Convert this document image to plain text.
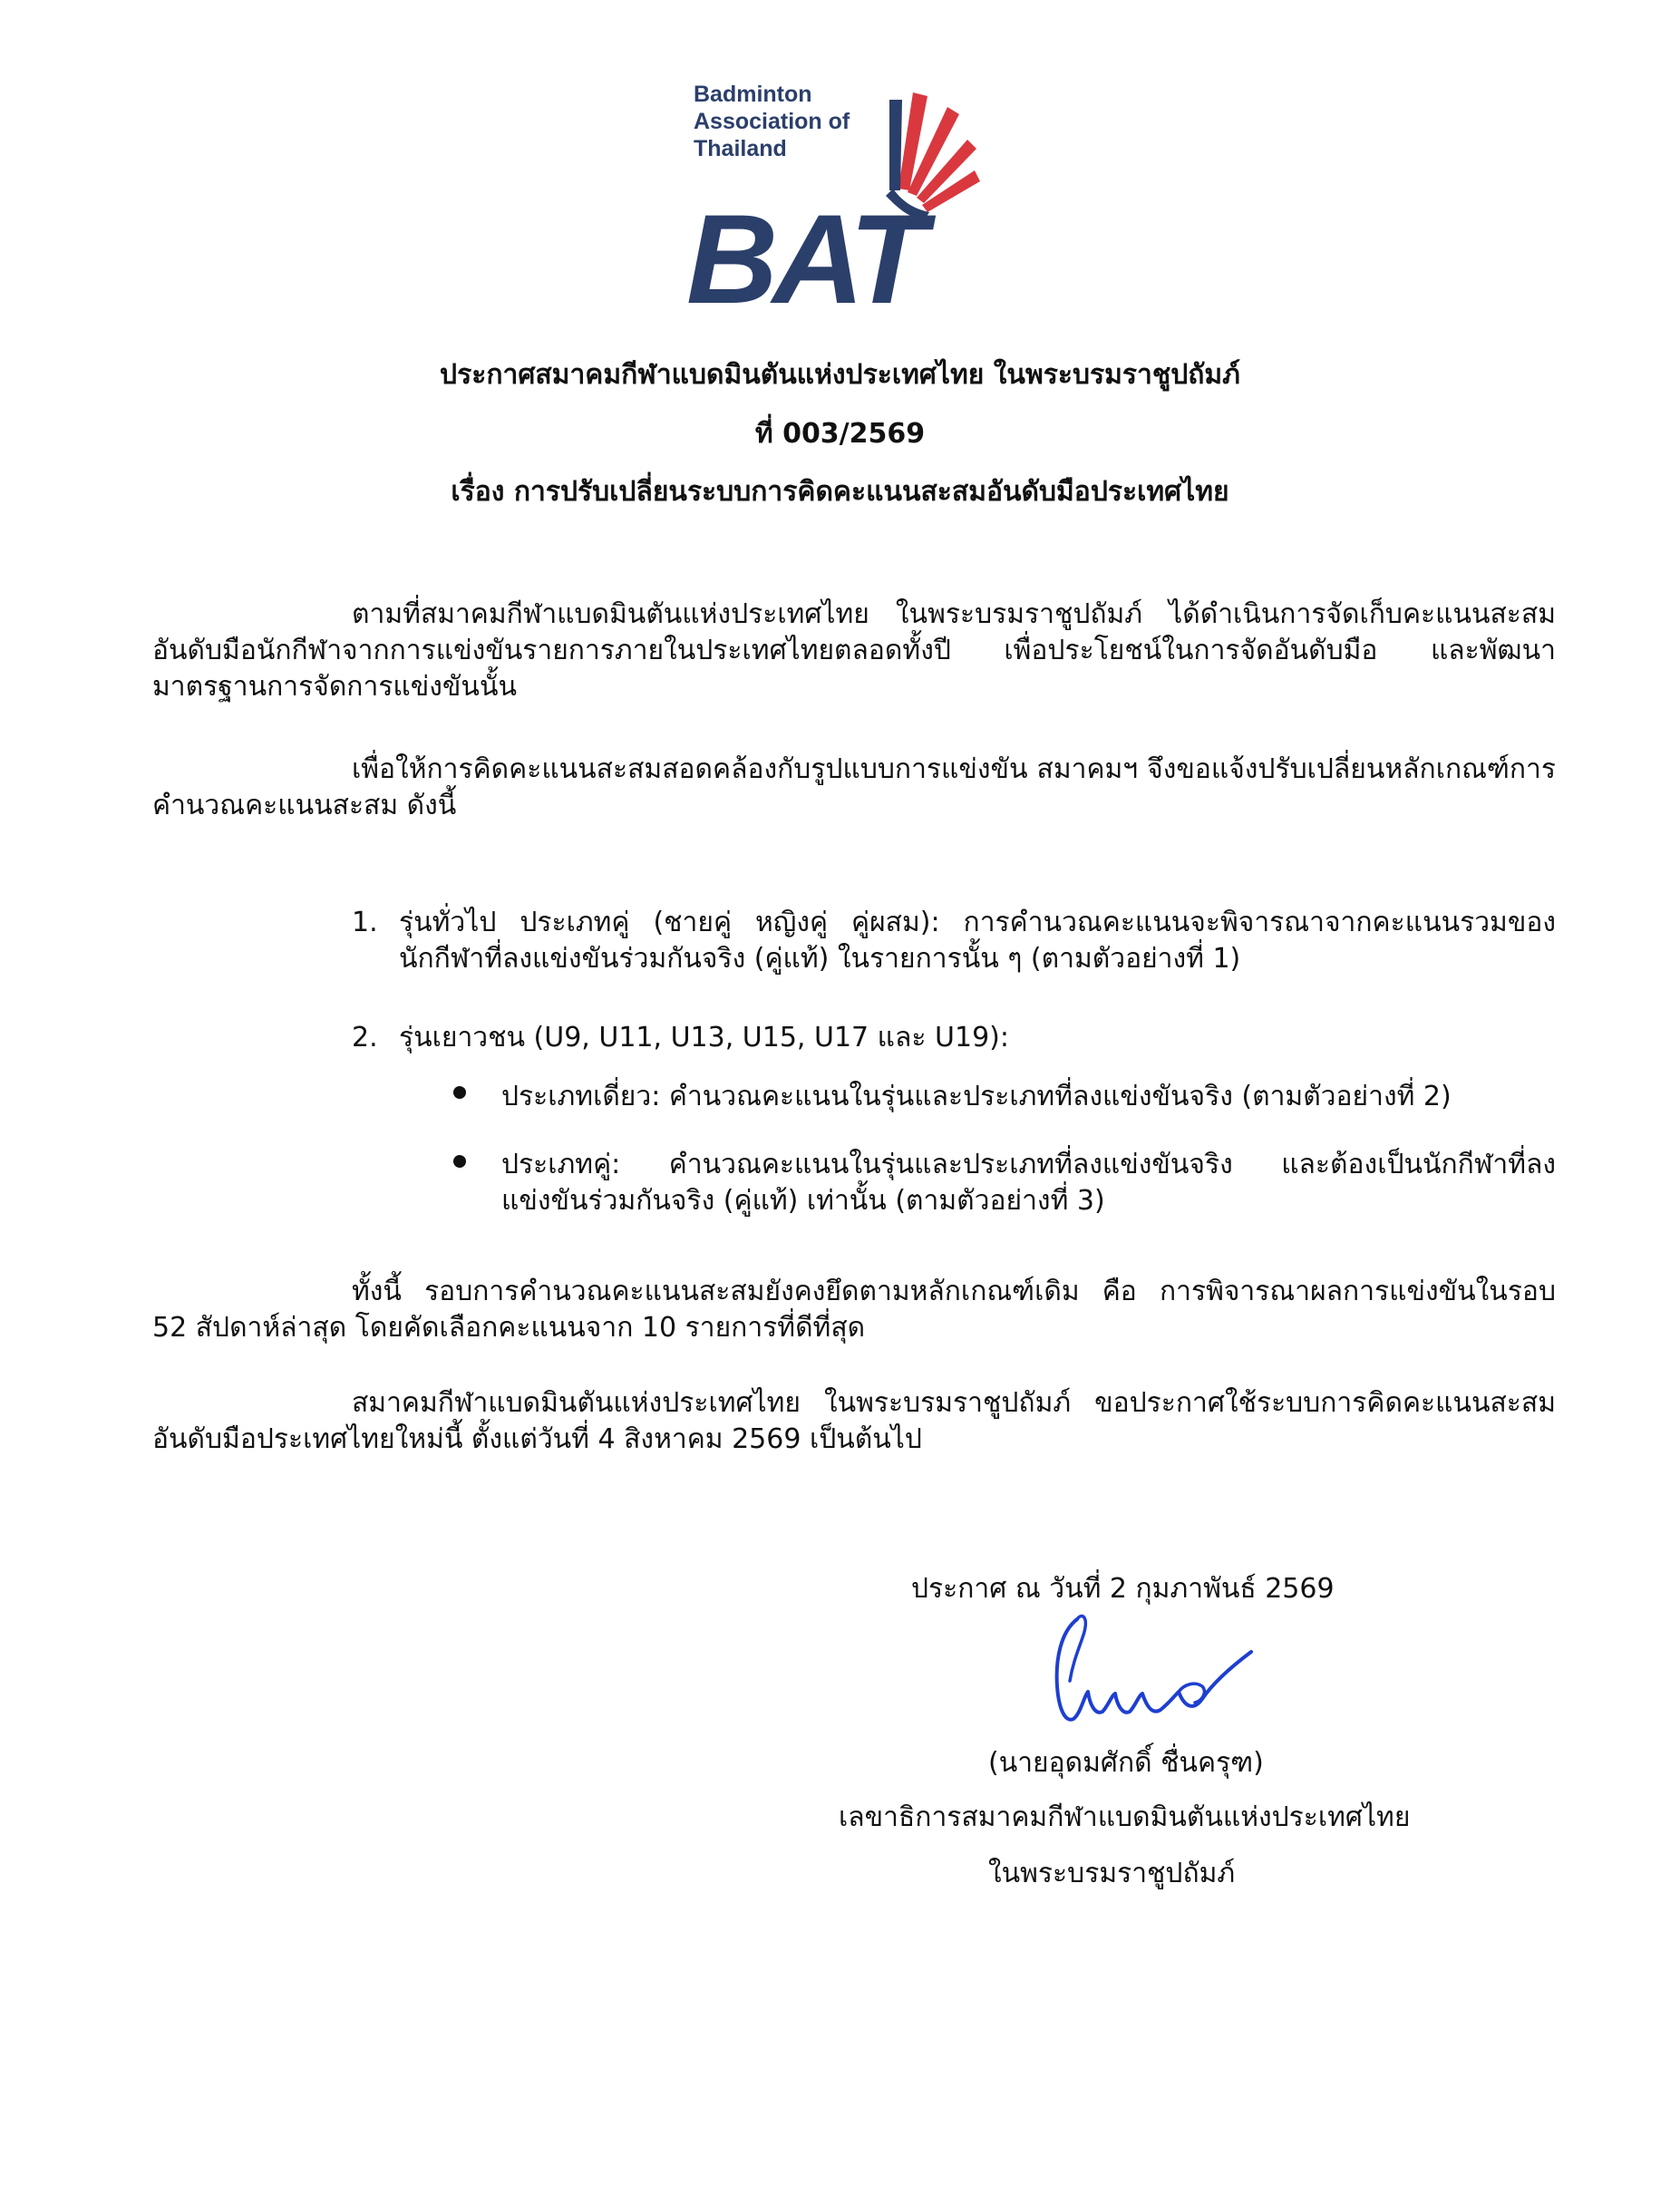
Badminton
Association of
Thailand
BAT
ประกาศสมาคมกีฬาแบดมินตันแห่งประเทศไทย ในพระบรมราชูปถัมภ์
ที่ 003/2569
เรื่อง การปรับเปลี่ยนระบบการคิดคะแนนสะสมอันดับมือประเทศไทย
ตามที่สมาคมกีฬาแบดมินตันแห่งประเทศไทย ในพระบรมราชูปถัมภ์ ได้ดำเนินการจัดเก็บคะแนนสะสมอันดับมือนักกีฬาจากการแข่งขันรายการภายในประเทศไทยตลอดทั้งปี เพื่อประโยชน์ในการจัดอันดับมือ และพัฒนามาตรฐานการจัดการแข่งขันนั้น
เพื่อให้การคิดคะแนนสะสมสอดคล้องกับรูปแบบการแข่งขัน สมาคมฯ จึงขอแจ้งปรับเปลี่ยนหลักเกณฑ์การคำนวณคะแนนสะสม ดังนี้
1. รุ่นทั่วไป ประเภทคู่ (ชายคู่ หญิงคู่ คู่ผสม): การคำนวณคะแนนจะพิจารณาจากคะแนนรวมของนักกีฬาที่ลงแข่งขันร่วมกันจริง (คู่แท้) ในรายการนั้น ๆ (ตามตัวอย่างที่ 1)
2. รุ่นเยาวชน (U9, U11, U13, U15, U17 และ U19):
ประเภทเดี่ยว: คำนวณคะแนนในรุ่นและประเภทที่ลงแข่งขันจริง (ตามตัวอย่างที่ 2)
ประเภทคู่: คำนวณคะแนนในรุ่นและประเภทที่ลงแข่งขันจริง และต้องเป็นนักกีฬาที่ลงแข่งขันร่วมกันจริง (คู่แท้) เท่านั้น (ตามตัวอย่างที่ 3)
ทั้งนี้ รอบการคำนวณคะแนนสะสมยังคงยึดตามหลักเกณฑ์เดิม คือ การพิจารณาผลการแข่งขันในรอบ 52 สัปดาห์ล่าสุด โดยคัดเลือกคะแนนจาก 10 รายการที่ดีที่สุด
สมาคมกีฬาแบดมินตันแห่งประเทศไทย ในพระบรมราชูปถัมภ์ ขอประกาศใช้ระบบการคิดคะแนนสะสมอันดับมือประเทศไทยใหม่นี้ ตั้งแต่วันที่ 4 สิงหาคม 2569 เป็นต้นไป
ประกาศ ณ วันที่ 2 กุมภาพันธ์ 2569
(นายอุดมศักดิ์ ชื่นครุฑ)
เลขาธิการสมาคมกีฬาแบดมินตันแห่งประเทศไทย
ในพระบรมราชูปถัมภ์
